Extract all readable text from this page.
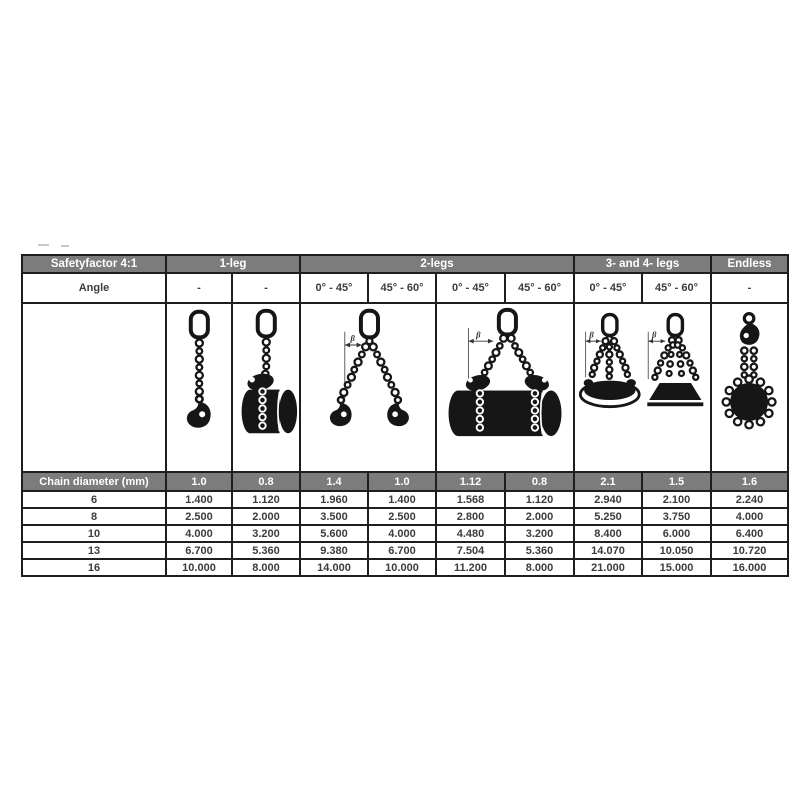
Safetyfactor 4:1	1-leg		2-legs				3- and 4- legs		Endless
Angle	-	-	0° - 45°	45° - 60°	0° - 45°	45° - 60°	0° - 45°	45° - 60°	-

β		β		β β

Chain diameter (mm)	1.0	0.8	1.4	1.0	1.12	0.8	2.1	1.5	1.6
6	1.400	1.120	1.960	1.400	1.568	1.120	2.940	2.100	2.240
8	2.500	2.000	3.500	2.500	2.800	2.000	5.250	3.750	4.000
10	4.000	3.200	5.600	4.000	4.480	3.200	8.400	6.000	6.400
13	6.700	5.360	9.380	6.700	7.504	5.360	14.070	10.050	10.720
16	10.000	8.000	14.000	10.000	11.200	8.000	21.000	15.000	16.000
